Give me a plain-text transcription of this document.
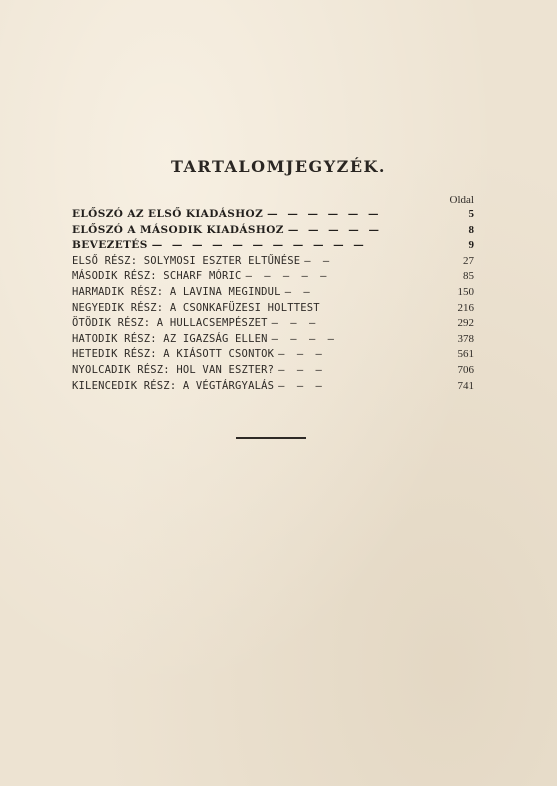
TARTALOMJEGYZÉK.
Oldal
ELŐSZÓ AZ ELSŐ KIADÁSHOZ — — — — — —	5
ELŐSZÓ A MÁSODIK KIADÁSHOZ — — — — —	8
BEVEZETÉS — — — — — — — — — — —	9
ELSŐ RÉSZ: SOLYMOSI ESZTER ELTŰNÉSE — —	27
MÁSODIK RÉSZ: SCHARF MÓRIC — — — — —	85
HARMADIK RÉSZ: A LAVINA MEGINDUL — —	150
NEGYEDIK RÉSZ: A CSONKAFÜZESI HOLTTEST	216
ÖTÖDIK RÉSZ: A HULLACSEMPÉSZET — — —	292
HATODIK RÉSZ: AZ IGAZSÁG ELLEN — — — —	378
HETEDIK RÉSZ: A KIÁSOTT CSONTOK — — —	561
NYOLCADIK RÉSZ: HOL VAN ESZTER? — — —	706
KILENCEDIK RÉSZ: A VÉGTÁRGYALÁS — — —	741
